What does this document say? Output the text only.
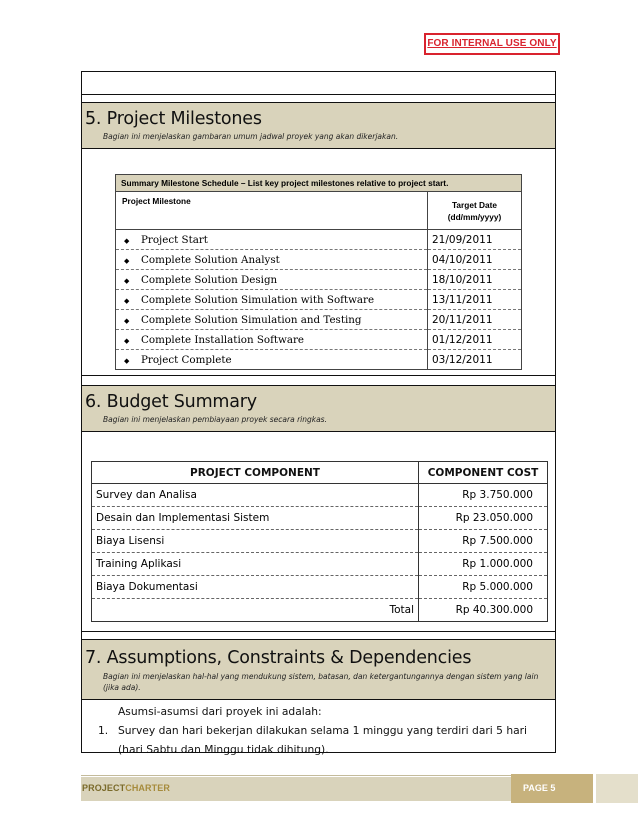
FOR INTERNAL USE ONLY
5. Project Milestones
Bagian ini menjelaskan gambaran umum jadwal proyek yang akan dikerjakan.
Summary Milestone Schedule – List key project milestones relative to project start.	
Project Milestone	Target Date
(dd/mm/yyyy)

◆ Project Start	21/09/2011
◆ Complete Solution Analyst	04/10/2011
◆ Complete Solution Design	18/10/2011
◆ Complete Solution Simulation with Software	13/11/2011
◆ Complete Solution Simulation and Testing	20/11/2011
◆ Complete Installation Software	01/12/2011
◆ Project Complete	03/12/2011
6. Budget Summary
Bagian ini menjelaskan pembiayaan proyek secara ringkas.
PROJECT COMPONENT	COMPONENT COST
Survey dan Analisa	Rp 3.750.000
Desain dan Implementasi Sistem	Rp 23.050.000
Biaya Lisensi	Rp 7.500.000
Training Aplikasi	Rp 1.000.000
Biaya Dokumentasi	Rp 5.000.000
Total	Rp 40.300.000
7. Assumptions, Constraints & Dependencies
Bagian ini menjelaskan hal-hal yang mendukung sistem, batasan, dan ketergantungannya dengan sistem yang lain (jika ada).
Asumsi-asumsi dari proyek ini adalah:
1. Survey dan hari bekerjan dilakukan selama 1 minggu yang terdiri dari 5 hari (hari Sabtu dan Minggu tidak dihitung).
PROJECTCHARTER	PAGE 5
